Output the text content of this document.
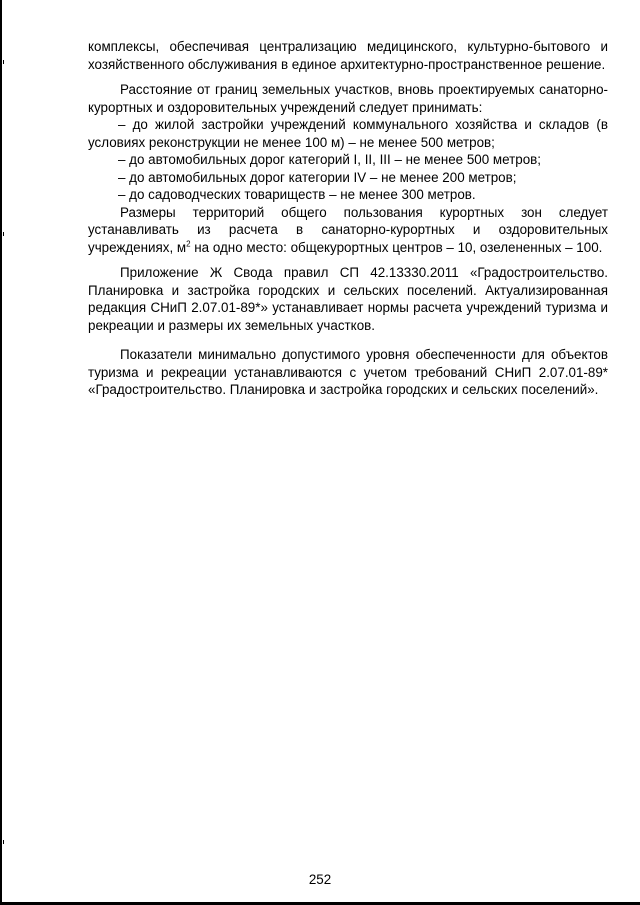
комплексы, обеспечивая централизацию медицинского, культурно-бытового и хозяйственного обслуживания в единое архитектурно-пространственное решение.

Расстояние от границ земельных участков, вновь проектируемых санаторно-курортных и оздоровительных учреждений следует принимать:

– до жилой застройки учреждений коммунального хозяйства и складов (в условиях реконструкции не менее 100 м) – не менее 500 метров;

– до автомобильных дорог категорий I, II, III – не менее 500 метров;

– до автомобильных дорог категории IV – не менее 200 метров;

– до садоводческих товариществ – не менее 300 метров.

Размеры территорий общего пользования курортных зон следует устанавливать из расчета в санаторно-курортных и оздоровительных учреждениях, $м^2$ на одно место: общекурортных центров – 10, озелененных – 100.

Приложение Ж Свода правил СП 42.13330.2011 «Градостроительство. Планировка и застройка городских и сельских поселений. Актуализированная редакция СНиП 2.07.01-89*» устанавливает нормы расчета учреждений туризма и рекреации и размеры их земельных участков.

Показатели минимально допустимого уровня обеспеченности для объектов туризма и рекреации устанавливаются с учетом требований СНиП 2.07.01-89* «Градостроительство. Планировка и застройка городских и сельских поселений».

252
